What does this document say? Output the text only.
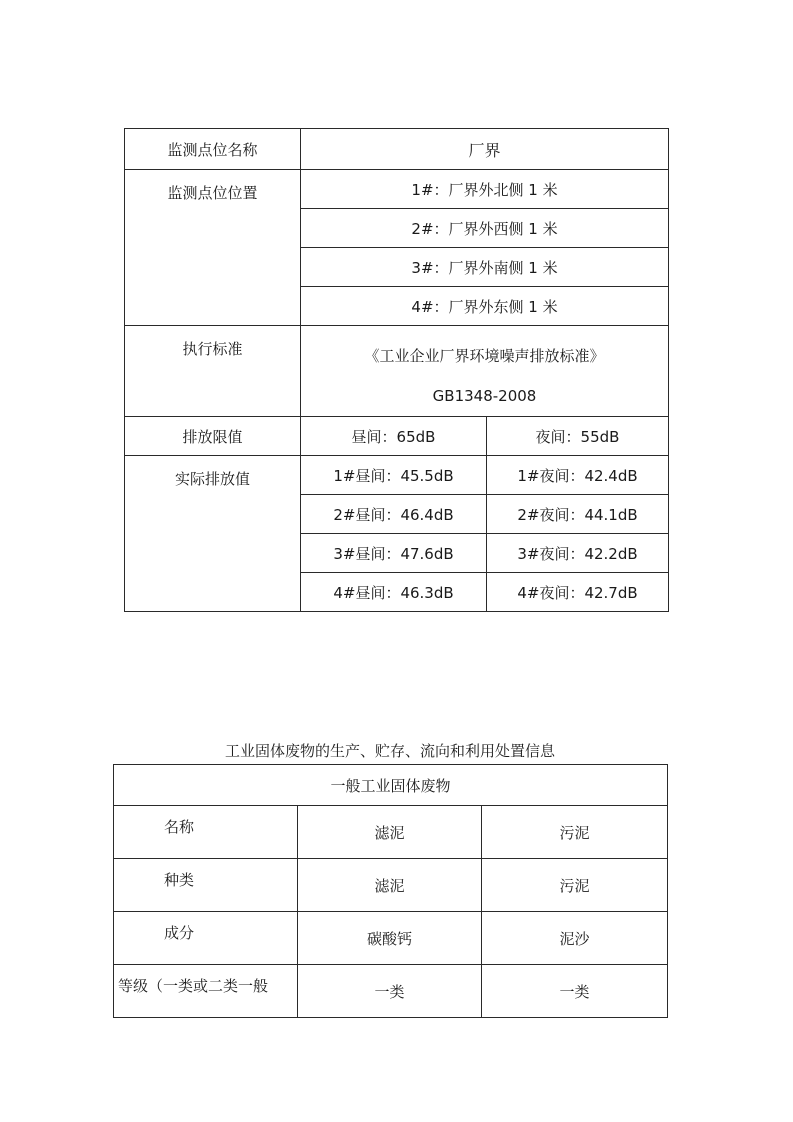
监测点位名称	厂界	
监测点位位置	1#：厂界外北侧 1 米	
	2#：厂界外西侧 1 米	
	3#：厂界外南侧 1 米	
	4#：厂界外东侧 1 米	
执行标准	《工业企业厂界环境噪声排放标准》
GB1348-2008	

排放限值	昼间：65dB	夜间：55dB
实际排放值	1#昼间：45.5dB	1#夜间：42.4dB
	2#昼间：46.4dB	2#夜间：44.1dB
	3#昼间：47.6dB	3#夜间：42.2dB
	4#昼间：46.3dB	4#夜间：42.7dB
工业固体废物的生产、贮存、流向和利用处置信息
一般工业固体废物		
名称	滤泥	污泥
种类	滤泥	污泥
成分	碳酸钙	泥沙
等级（一类或二类一般	一类	一类
